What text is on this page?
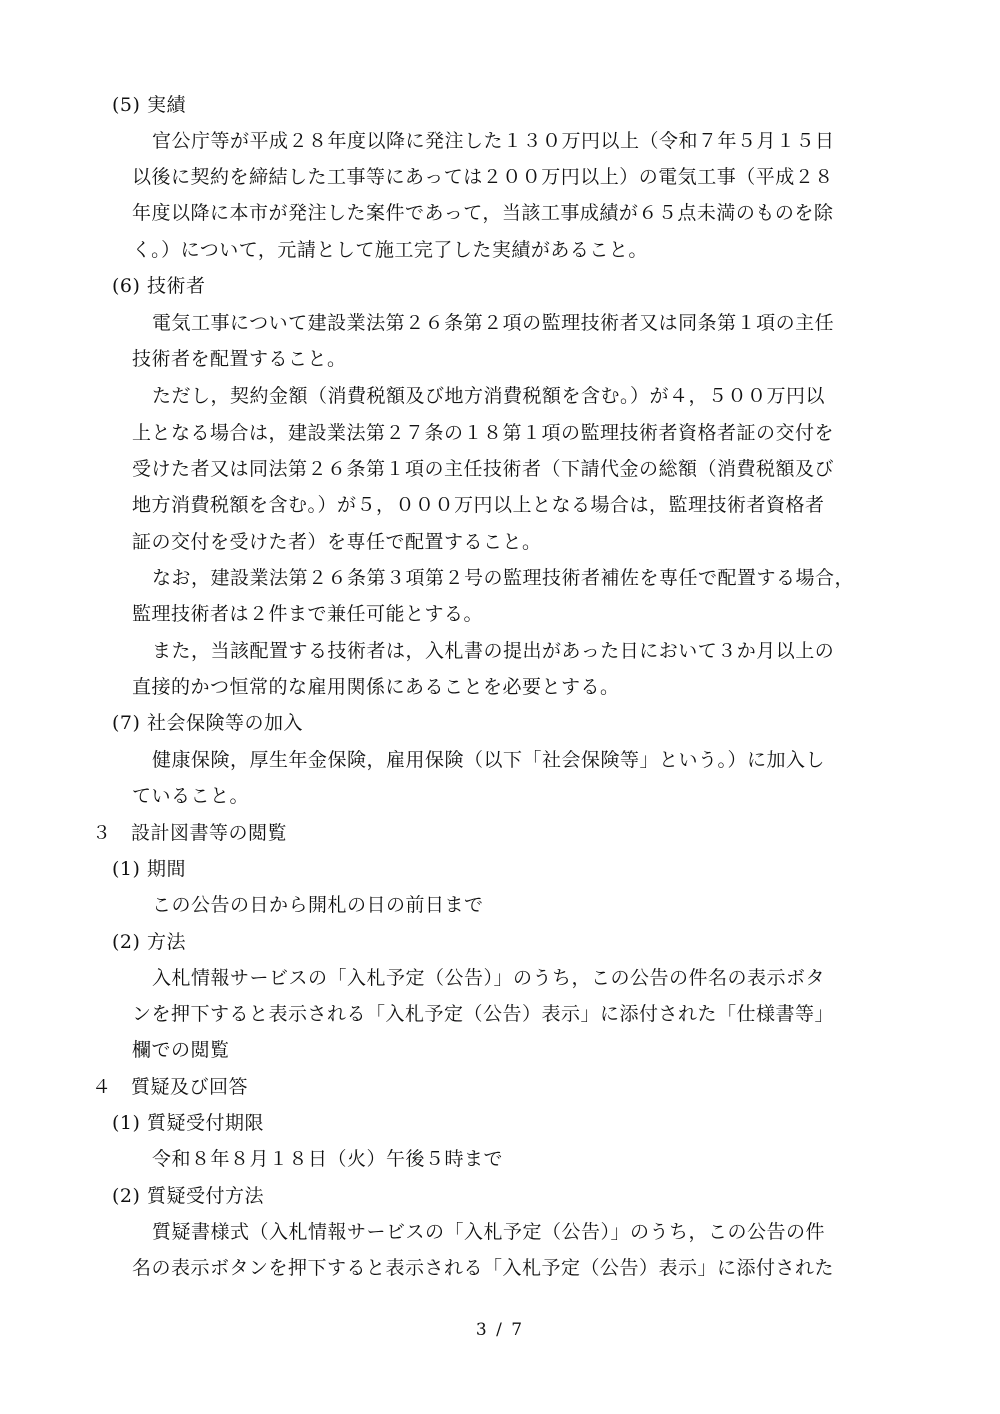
(5) 実績
官公庁等が平成２８年度以降に発注した１３０万円以上（令和７年５月１５日
以後に契約を締結した工事等にあっては２００万円以上）の電気工事（平成２８
年度以降に本市が発注した案件であって，当該工事成績が６５点未満のものを除
く。）について，元請として施工完了した実績があること。
(6) 技術者
電気工事について建設業法第２６条第２項の監理技術者又は同条第１項の主任
技術者を配置すること。
ただし，契約金額（消費税額及び地方消費税額を含む。）が４，５００万円以
上となる場合は，建設業法第２７条の１８第１項の監理技術者資格者証の交付を
受けた者又は同法第２６条第１項の主任技術者（下請代金の総額（消費税額及び
地方消費税額を含む。）が５，０００万円以上となる場合は，監理技術者資格者
証の交付を受けた者）を専任で配置すること。
なお，建設業法第２６条第３項第２号の監理技術者補佐を専任で配置する場合，
監理技術者は２件まで兼任可能とする。
また，当該配置する技術者は，入札書の提出があった日において３か月以上の
直接的かつ恒常的な雇用関係にあることを必要とする。
(7) 社会保険等の加入
健康保険，厚生年金保険，雇用保険（以下「社会保険等」という。）に加入し
ていること。
３　設計図書等の閲覧
(1) 期間
この公告の日から開札の日の前日まで
(2) 方法
入札情報サービスの「入札予定（公告）」のうち，この公告の件名の表示ボタ
ンを押下すると表示される「入札予定（公告）表示」に添付された「仕様書等」
欄での閲覧
４　質疑及び回答
(1) 質疑受付期限
令和８年８月１８日（火）午後５時まで
(2) 質疑受付方法
質疑書様式（入札情報サービスの「入札予定（公告）」のうち，この公告の件
名の表示ボタンを押下すると表示される「入札予定（公告）表示」に添付された
3 / 7
